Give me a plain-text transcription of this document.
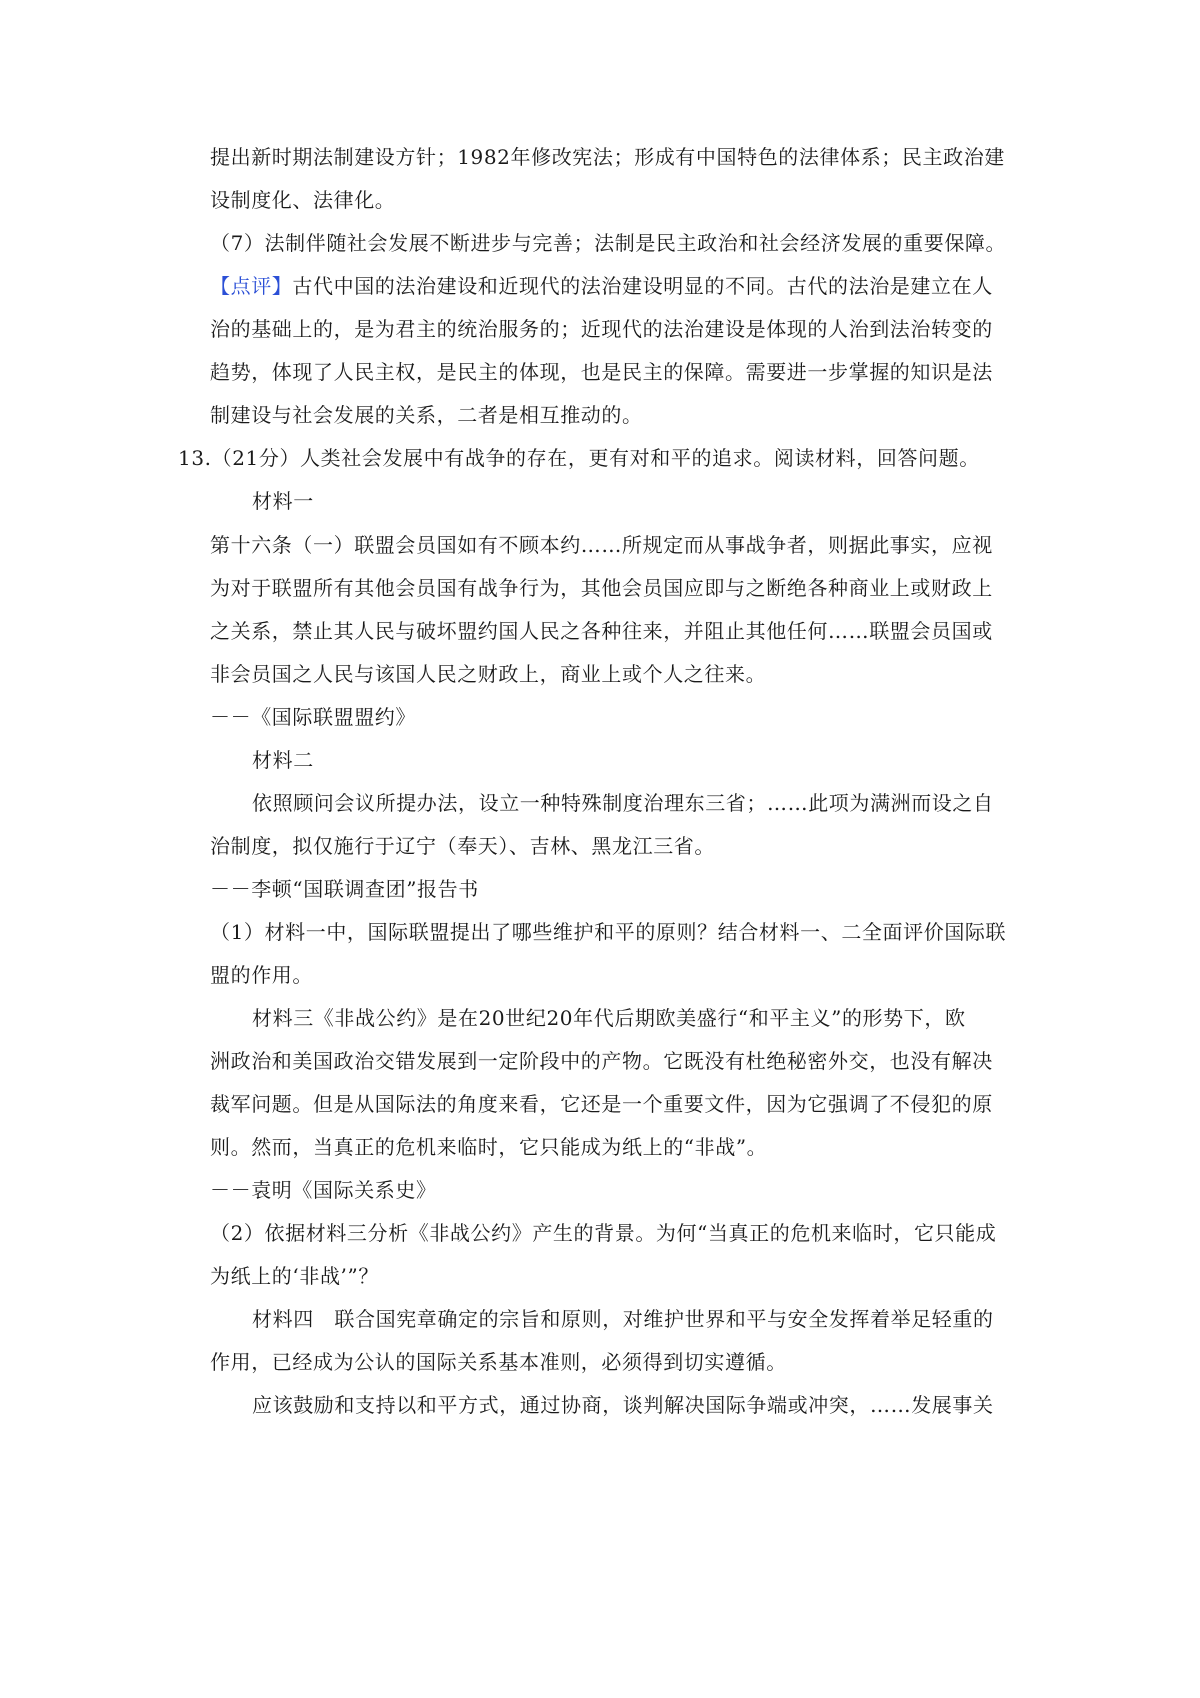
提出新时期法制建设方针；1982年修改宪法；形成有中国特色的法律体系；民主政治建
设制度化、法律化。
（7）法制伴随社会发展不断进步与完善；法制是民主政治和社会经济发展的重要保障。
【点评】古代中国的法治建设和近现代的法治建设明显的不同。古代的法治是建立在人
治的基础上的，是为君主的统治服务的；近现代的法治建设是体现的人治到法治转变的
趋势，体现了人民主权，是民主的体现，也是民主的保障。需要进一步掌握的知识是法
制建设与社会发展的关系，二者是相互推动的。
13.（21分）人类社会发展中有战争的存在，更有对和平的追求。阅读材料，回答问题。
材料一
第十六条（一）联盟会员国如有不顾本约……所规定而从事战争者，则据此事实，应视
为对于联盟所有其他会员国有战争行为，其他会员国应即与之断绝各种商业上或财政上
之关系，禁止其人民与破坏盟约国人民之各种往来，并阻止其他任何……联盟会员国或
非会员国之人民与该国人民之财政上，商业上或个人之往来。
－－《国际联盟盟约》
材料二
依照顾问会议所提办法，设立一种特殊制度治理东三省；……此项为满洲而设之自
治制度，拟仅施行于辽宁（奉天）、吉林、黑龙江三省。
－－李顿“国联调查团”报告书
（1）材料一中，国际联盟提出了哪些维护和平的原则？结合材料一、二全面评价国际联
盟的作用。
材料三《非战公约》是在20世纪20年代后期欧美盛行“和平主义”的形势下，欧
洲政治和美国政治交错发展到一定阶段中的产物。它既没有杜绝秘密外交，也没有解决
裁军问题。但是从国际法的角度来看，它还是一个重要文件，因为它强调了不侵犯的原
则。然而，当真正的危机来临时，它只能成为纸上的“非战”。
－－袁明《国际关系史》
（2）依据材料三分析《非战公约》产生的背景。为何“当真正的危机来临时，它只能成
为纸上的‘非战’”？
材料四　联合国宪章确定的宗旨和原则，对维护世界和平与安全发挥着举足轻重的
作用，已经成为公认的国际关系基本准则，必须得到切实遵循。
应该鼓励和支持以和平方式，通过协商，谈判解决国际争端或冲突，……发展事关
